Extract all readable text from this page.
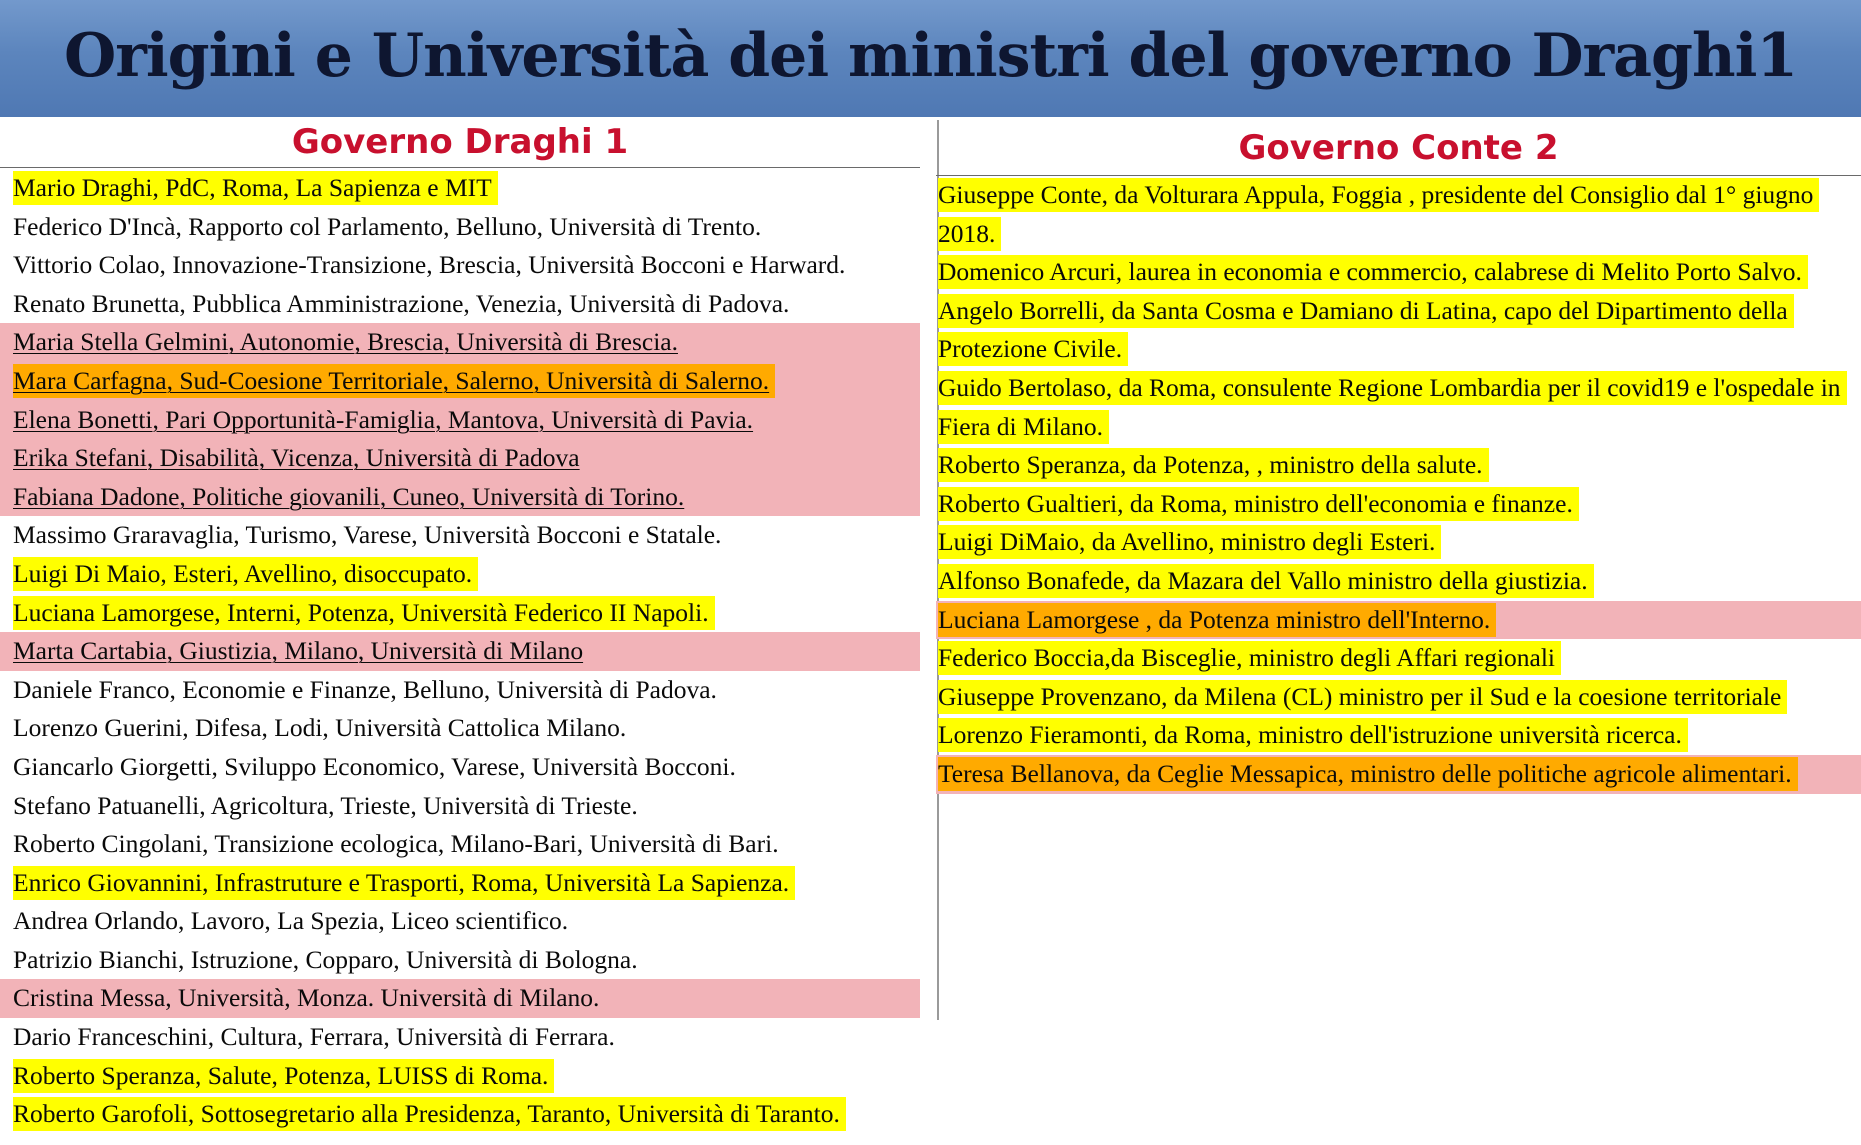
Origini e Università dei ministri del governo Draghi1
Governo Draghi 1
Mario Draghi, PdC, Roma, La Sapienza e MIT
Federico D'Incà, Rapporto col Parlamento, Belluno, Università di Trento.
Vittorio Colao, Innovazione-Transizione, Brescia, Università Bocconi e Harward.
Renato Brunetta, Pubblica Amministrazione, Venezia, Università di Padova.
Maria Stella Gelmini, Autonomie, Brescia, Università di Brescia.
Mara Carfagna, Sud-Coesione Territoriale, Salerno, Università di Salerno.
Elena Bonetti, Pari Opportunità-Famiglia, Mantova, Università di Pavia.
Erika Stefani, Disabilità, Vicenza, Università di Padova
Fabiana Dadone, Politiche giovanili, Cuneo, Università di Torino.
Massimo Graravaglia, Turismo, Varese, Università Bocconi e Statale.
Luigi Di Maio, Esteri, Avellino, disoccupato.
Luciana Lamorgese, Interni, Potenza, Università Federico II Napoli.
Marta Cartabia, Giustizia, Milano, Università di Milano
Daniele Franco, Economie e Finanze, Belluno, Università di Padova.
Lorenzo Guerini, Difesa, Lodi, Università Cattolica Milano.
Giancarlo Giorgetti, Sviluppo Economico, Varese, Università Bocconi.
Stefano Patuanelli, Agricoltura, Trieste, Università di Trieste.
Roberto Cingolani, Transizione ecologica, Milano-Bari, Università di Bari.
Enrico Giovannini, Infrastruture e Trasporti, Roma, Università La Sapienza.
Andrea Orlando, Lavoro, La Spezia, Liceo scientifico.
Patrizio Bianchi, Istruzione, Copparo, Università di Bologna.
Cristina Messa, Università, Monza. Università di Milano.
Dario Franceschini, Cultura, Ferrara, Università di Ferrara.
Roberto Speranza, Salute, Potenza, LUISS di Roma.
Roberto Garofoli, Sottosegretario alla Presidenza, Taranto, Università di Taranto.
Governo Conte 2
Giuseppe Conte, da Volturara Appula, Foggia , presidente del Consiglio dal 1° giugno
2018.
Domenico Arcuri, laurea in economia e commercio, calabrese di Melito Porto Salvo.
Angelo Borrelli, da Santa Cosma e Damiano di Latina, capo del Dipartimento della
Protezione Civile.
Guido Bertolaso, da Roma, consulente Regione Lombardia per il covid19 e l'ospedale in
Fiera di Milano.
Roberto Speranza, da Potenza, , ministro della salute.
Roberto Gualtieri, da Roma, ministro dell'economia e finanze.
Luigi DiMaio, da Avellino, ministro degli Esteri.
Alfonso Bonafede, da Mazara del Vallo ministro della giustizia.
Luciana Lamorgese , da Potenza ministro dell'Interno.
Federico Boccia,da Bisceglie, ministro degli Affari regionali
Giuseppe Provenzano, da Milena (CL) ministro per il Sud e la coesione territoriale
Lorenzo Fieramonti, da Roma, ministro dell'istruzione università ricerca.
Teresa Bellanova, da Ceglie Messapica, ministro delle politiche agricole alimentari.
